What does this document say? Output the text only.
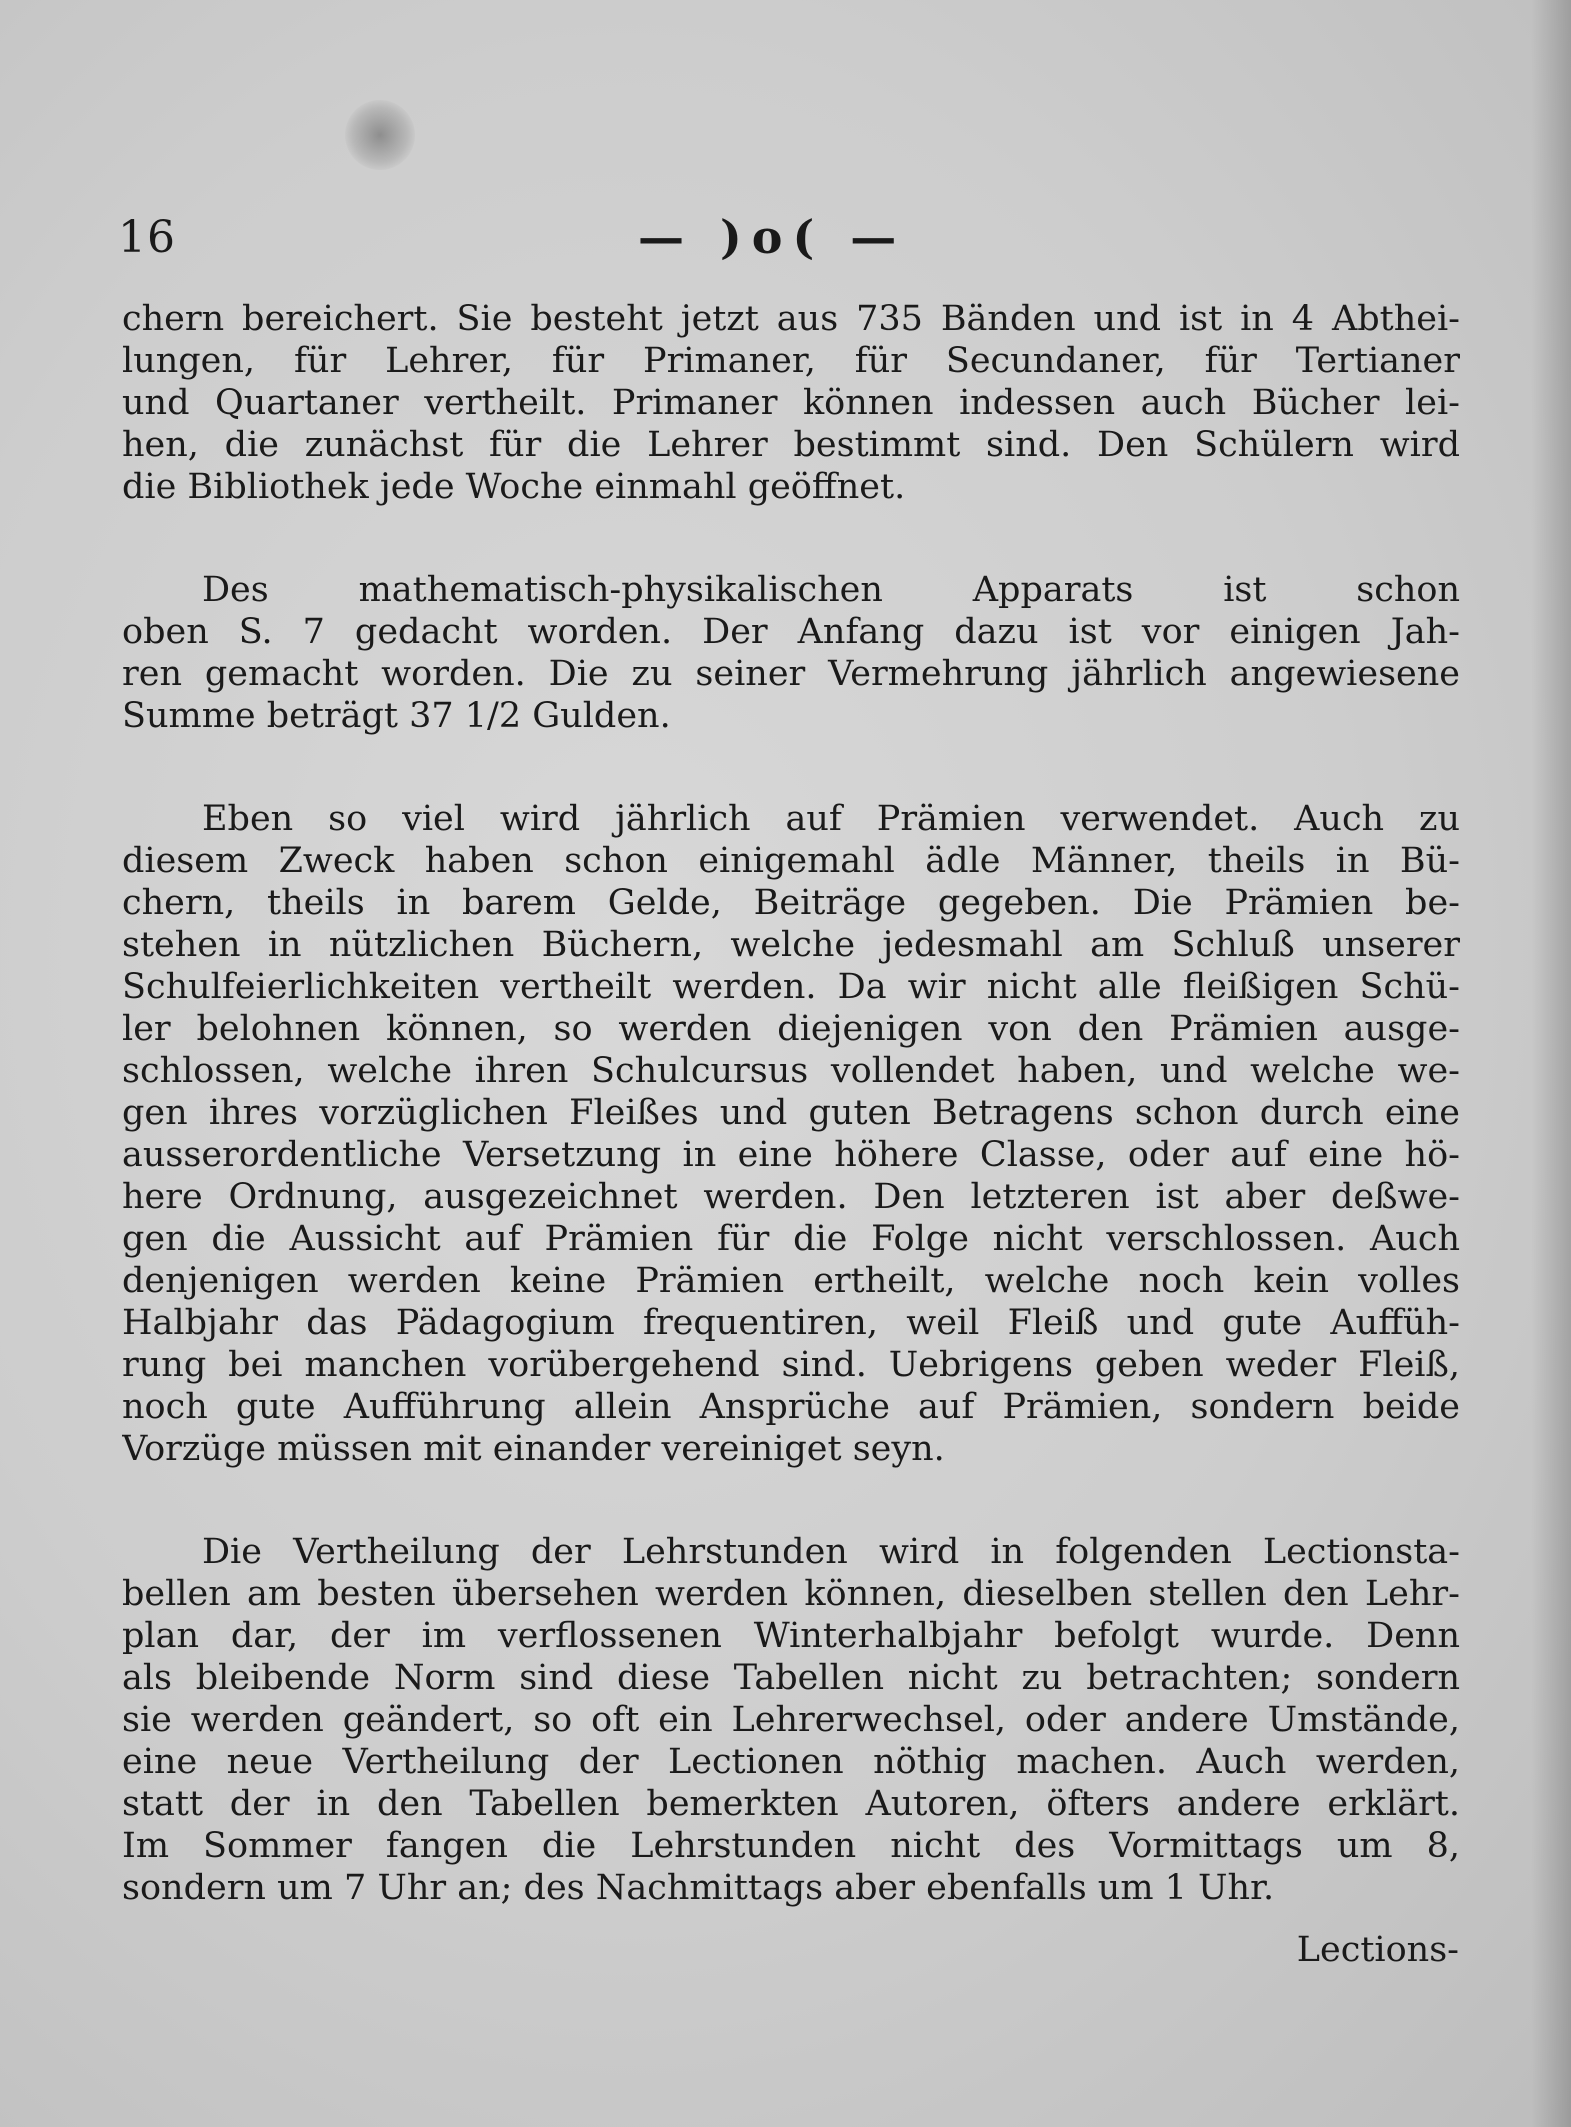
16	— )o( —
chern bereichert. Sie besteht jetzt aus 735 Bänden und ist in 4 Abthei-
lungen, für Lehrer, für Primaner, für Secundaner, für Tertianer
und Quartaner vertheilt. Primaner können indessen auch Bücher lei-
hen, die zunächst für die Lehrer bestimmt sind. Den Schülern wird
die Bibliothek jede Woche einmahl geöffnet.
Des mathematisch-physikalischen Apparats ist schon
oben S. 7 gedacht worden. Der Anfang dazu ist vor einigen Jah-
ren gemacht worden. Die zu seiner Vermehrung jährlich angewiesene
Summe beträgt 37 1/2 Gulden.
Eben so viel wird jährlich auf Prämien verwendet. Auch zu
diesem Zweck haben schon einigemahl ädle Männer, theils in Bü-
chern, theils in barem Gelde, Beiträge gegeben. Die Prämien be-
stehen in nützlichen Büchern, welche jedesmahl am Schluß unserer
Schulfeierlichkeiten vertheilt werden. Da wir nicht alle fleißigen Schü-
ler belohnen können, so werden diejenigen von den Prämien ausge-
schlossen, welche ihren Schulcursus vollendet haben, und welche we-
gen ihres vorzüglichen Fleißes und guten Betragens schon durch eine
ausserordentliche Versetzung in eine höhere Classe, oder auf eine hö-
here Ordnung, ausgezeichnet werden. Den letzteren ist aber deßwe-
gen die Aussicht auf Prämien für die Folge nicht verschlossen. Auch
denjenigen werden keine Prämien ertheilt, welche noch kein volles
Halbjahr das Pädagogium frequentiren, weil Fleiß und gute Auffüh-
rung bei manchen vorübergehend sind. Uebrigens geben weder Fleiß,
noch gute Aufführung allein Ansprüche auf Prämien, sondern beide
Vorzüge müssen mit einander vereiniget seyn.
Die Vertheilung der Lehrstunden wird in folgenden Lectionsta-
bellen am besten übersehen werden können, dieselben stellen den Lehr-
plan dar, der im verflossenen Winterhalbjahr befolgt wurde. Denn
als bleibende Norm sind diese Tabellen nicht zu betrachten; sondern
sie werden geändert, so oft ein Lehrerwechsel, oder andere Umstände,
eine neue Vertheilung der Lectionen nöthig machen. Auch werden,
statt der in den Tabellen bemerkten Autoren, öfters andere erklärt.
Im Sommer fangen die Lehrstunden nicht des Vormittags um 8,
sondern um 7 Uhr an; des Nachmittags aber ebenfalls um 1 Uhr.
Lections-
